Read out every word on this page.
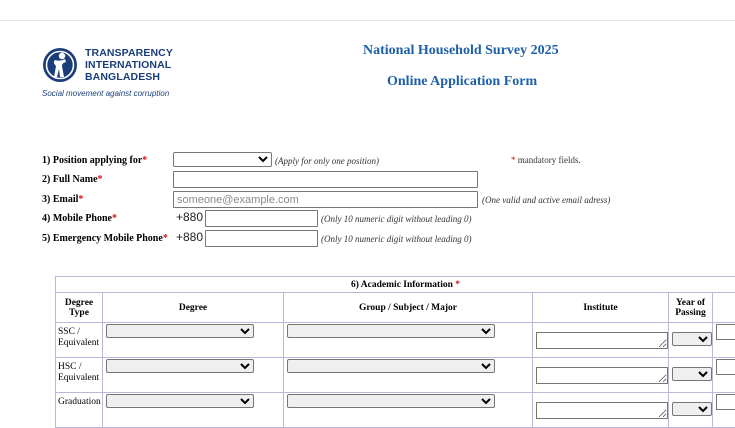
TRANSPARENCY
INTERNATIONAL
BANGLADESH
Social movement against corruption
National Household Survey 2025
Online Application Form
1) Position applying for*	(Apply for only one position)	* mandatory fields.
2) Full Name*
3) Email*
someone@example.com	(One valid and active email adress)
4) Mobile Phone*	+880	(Only 10 numeric digit without leading 0)
5) Emergency Mobile Phone* +880	(Only 10 numeric digit without leading 0)
6) Academic Information *					
Degree Type	Degree	Group / Subject / Major	Institute	Year of Passing	

SSC /
Equivalent

HSC /
Equivalent

Graduation
